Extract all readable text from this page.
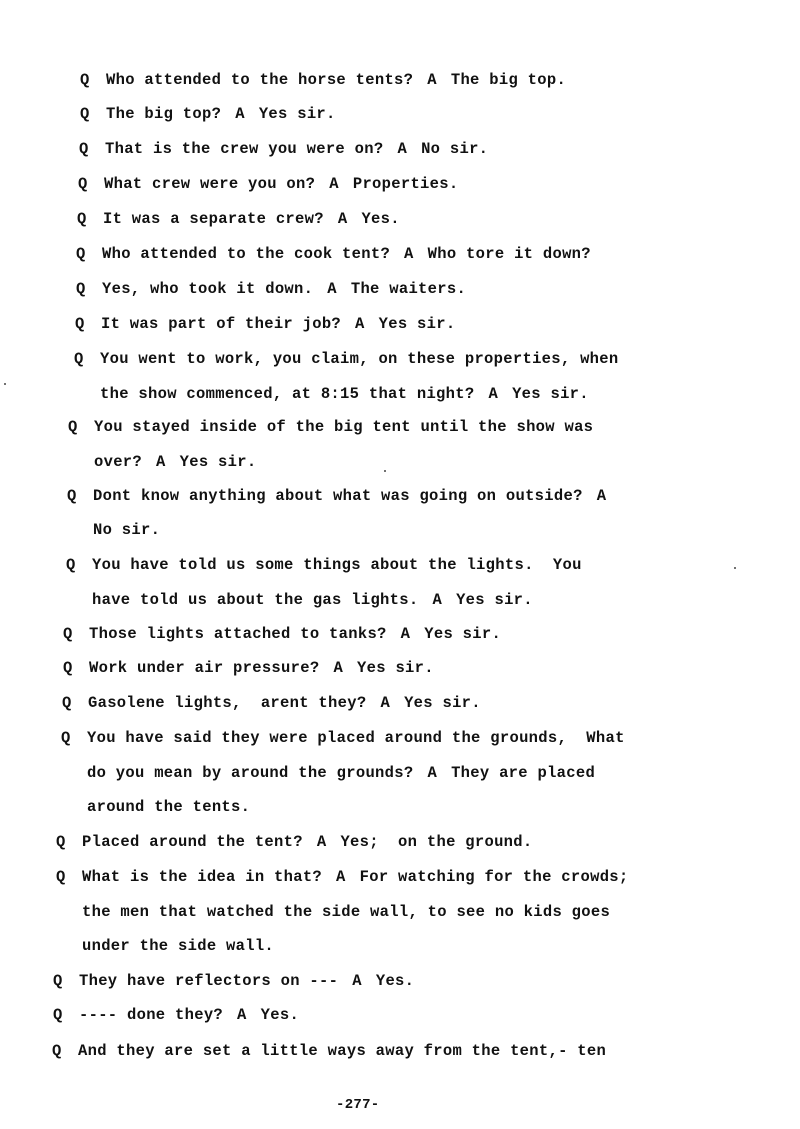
Q Who attended to the horse tents? A The big top.
Q The big top? A Yes sir.
Q That is the crew you were on? A No sir.
Q What crew were you on? A Properties.
Q It was a separate crew? A Yes.
Q Who attended to the cook tent? A Who tore it down?
Q Yes, who took it down. A The waiters.
Q It was part of their job? A Yes sir.
Q You went to work, you claim, on these properties, when
the show commenced, at 8:15 that night? A Yes sir.
Q You stayed inside of the big tent until the show was
over? A Yes sir.
Q Dont know anything about what was going on outside? A
No sir.
Q You have told us some things about the lights.  You
have told us about the gas lights. A Yes sir.
Q Those lights attached to tanks? A Yes sir.
Q Work under air pressure? A Yes sir.
Q Gasolene lights,  arent they? A Yes sir.
Q You have said they were placed around the grounds,  What
do you mean by around the grounds? A They are placed
around the tents.
Q Placed around the tent? A Yes;  on the ground.
Q What is the idea in that? A For watching for the crowds;
the men that watched the side wall, to see no kids goes
under the side wall.
Q They have reflectors on --- A Yes.
Q ---- done they? A Yes.
Q And they are set a little ways away from the tent,- ten
-277-
